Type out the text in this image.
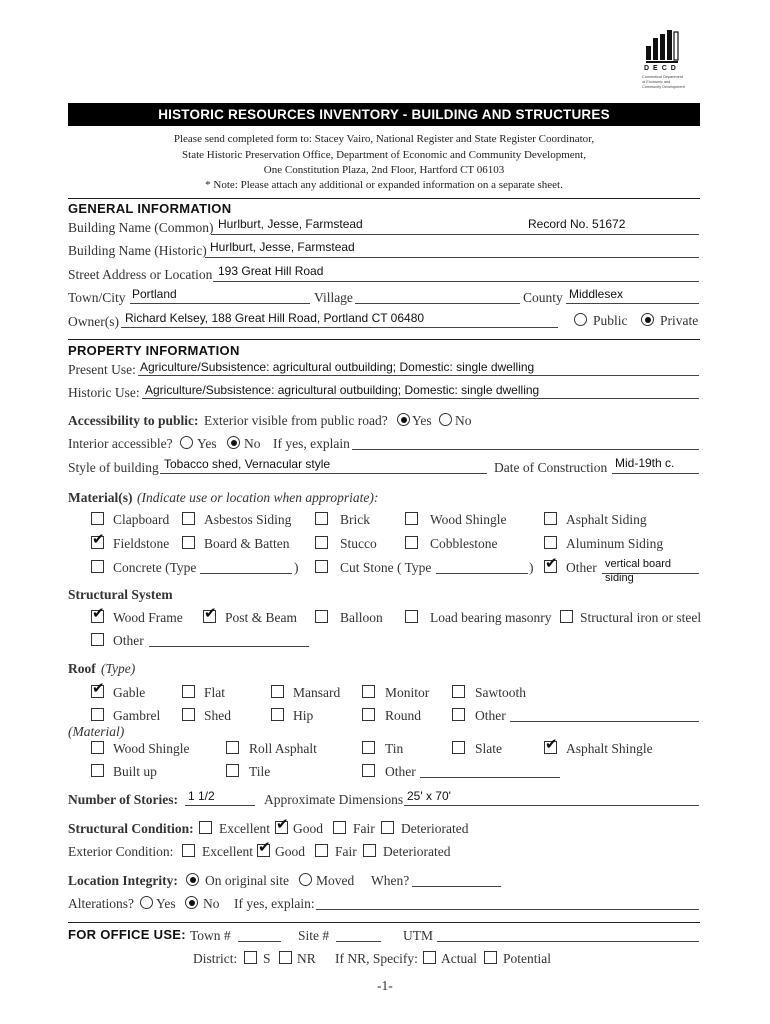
DECD
Connecticut Department of Economic and Community Development
HISTORIC RESOURCES INVENTORY - BUILDING AND STRUCTURES
Please send completed form to: Stacey Vairo, National Register and State Register Coordinator,
State Historic Preservation Office, Department of Economic and Community Development,
One Constitution Plaza, 2nd Floor, Hartford CT 06103
* Note: Please attach any additional or expanded information on a separate sheet.
GENERAL INFORMATION
Building Name (Common) Hurlburt, Jesse, Farmstead	Record No. 51672
Building Name (Historic) Hurlburt, Jesse, Farmstead
Street Address or Location 193 Great Hill Road
Town/City Portland	Village	County Middlesex
Owner(s) Richard Kelsey, 188 Great Hill Road, Portland CT 06480	Public Private
PROPERTY INFORMATION
Present Use: Agriculture/Subsistence: agricultural outbuilding; Domestic: single dwelling
Historic Use: Agriculture/Subsistence: agricultural outbuilding; Domestic: single dwelling
Accessibility to public: Exterior visible from public road? Yes No
Interior accessible? Yes No If yes, explain
Style of building Tobacco shed, Vernacular style	Date of Construction Mid-19th c.
Material(s) (Indicate use or location when appropriate):
Clapboard	Asbestos Siding	Brick	Wood Shingle	Asphalt Siding
✔ Fieldstone	Board & Batten	Stucco	Cobblestone	Aluminum Siding
Concrete (Type	)	Cut Stone ( Type	) ✔ Other vertical board
siding
Structural System
✔ Wood Frame ✔ Post & Beam	Balloon	Load bearing masonry Structural iron or steel
Other
Roof (Type)
✔ Gable	Flat	Mansard	Monitor	Sawtooth
Gambrel	Shed	Hip	Round	Other
(Material)
Wood Shingle	Roll Asphalt	Tin	Slate	✔ Asphalt Shingle
Built up	Tile	Other
Number of Stories: 1 1/2	Approximate Dimensions 25' x 70'
Structural Condition: Excellent ✔ Good Fair Deteriorated
Exterior Condition: Excellent ✔ Good Fair Deteriorated
Location Integrity: On original site Moved When?
Alterations? Yes No If yes, explain:
FOR OFFICE USE: Town #	Site #	UTM
District: S NR If NR, Specify: Actual Potential
-1-
